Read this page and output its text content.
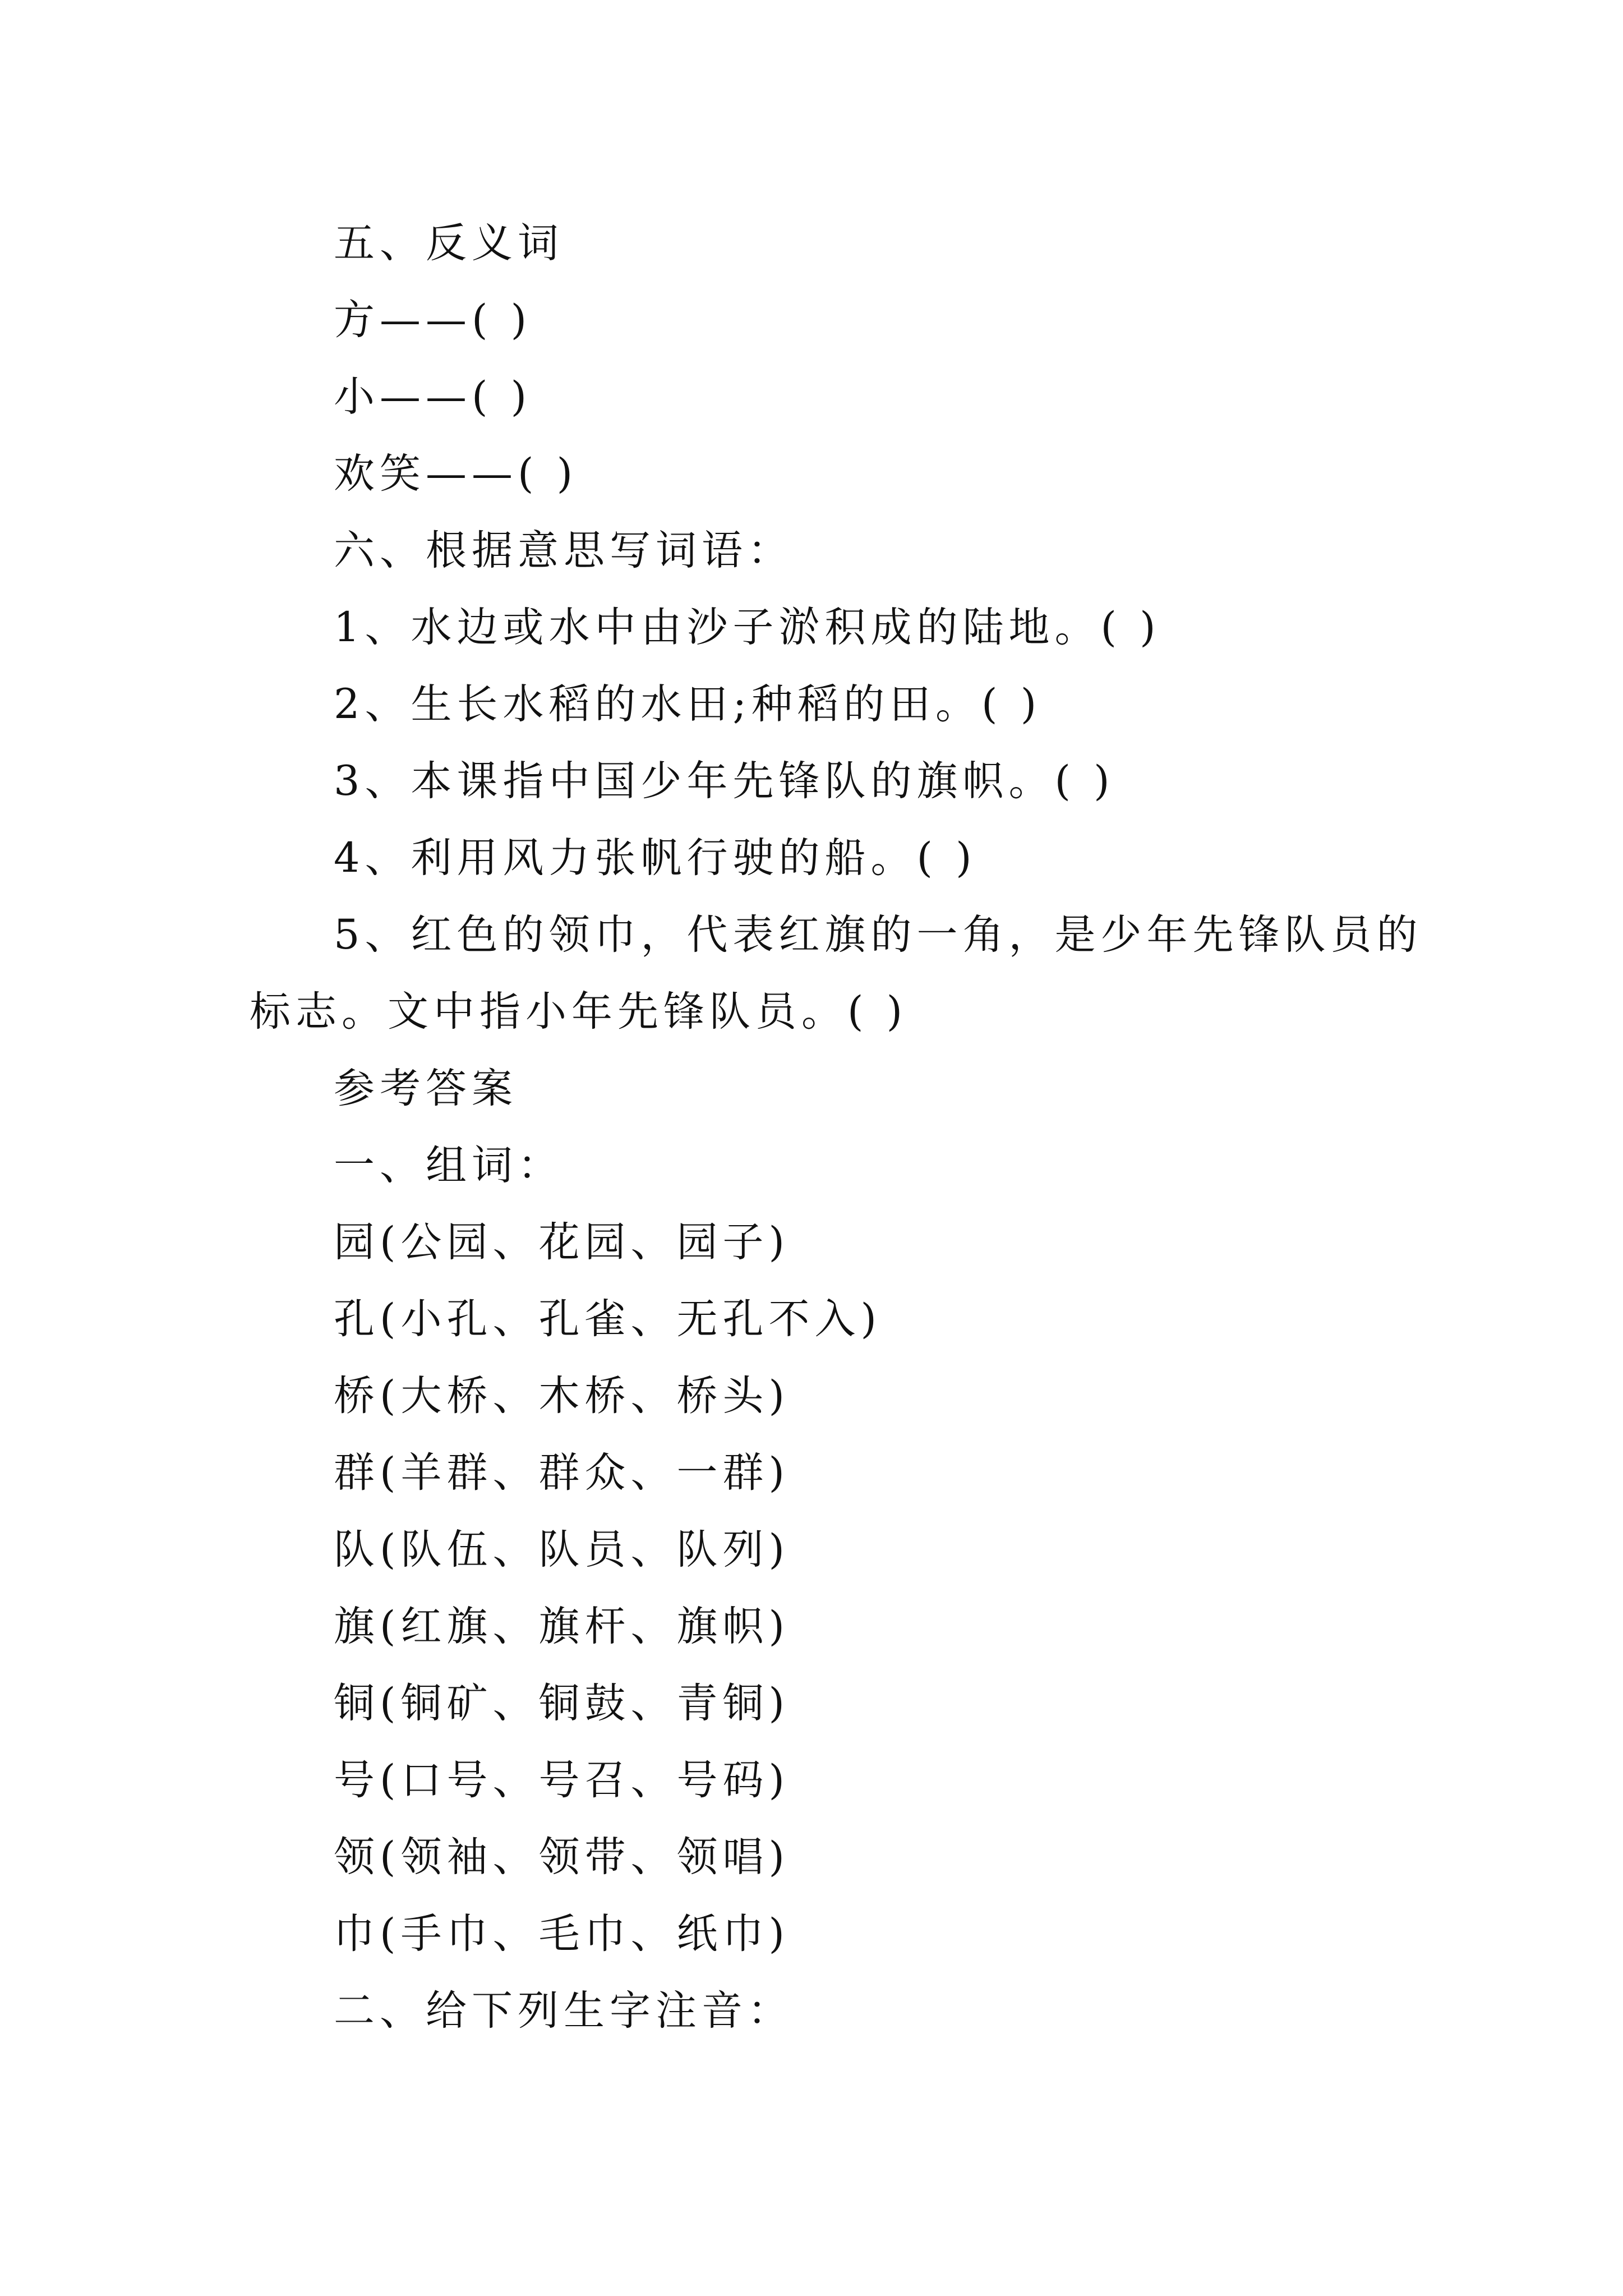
五、反义词
方——( )
小——( )
欢笑——( )
六、根据意思写词语：
1、水边或水中由沙子淤积成的陆地。( )
2、生长水稻的水田;种稻的田。( )
3、本课指中国少年先锋队的旗帜。( )
4、利用风力张帆行驶的船。( )
5、红色的领巾，代表红旗的一角，是少年先锋队员的
标志。文中指小年先锋队员。( )
参考答案
一、组词：
园(公园、花园、园子)
孔(小孔、孔雀、无孔不入)
桥(大桥、木桥、桥头)
群(羊群、群众、一群)
队(队伍、队员、队列)
旗(红旗、旗杆、旗帜)
铜(铜矿、铜鼓、青铜)
号(口号、号召、号码)
领(领袖、领带、领唱)
巾(手巾、毛巾、纸巾)
二、给下列生字注音：
